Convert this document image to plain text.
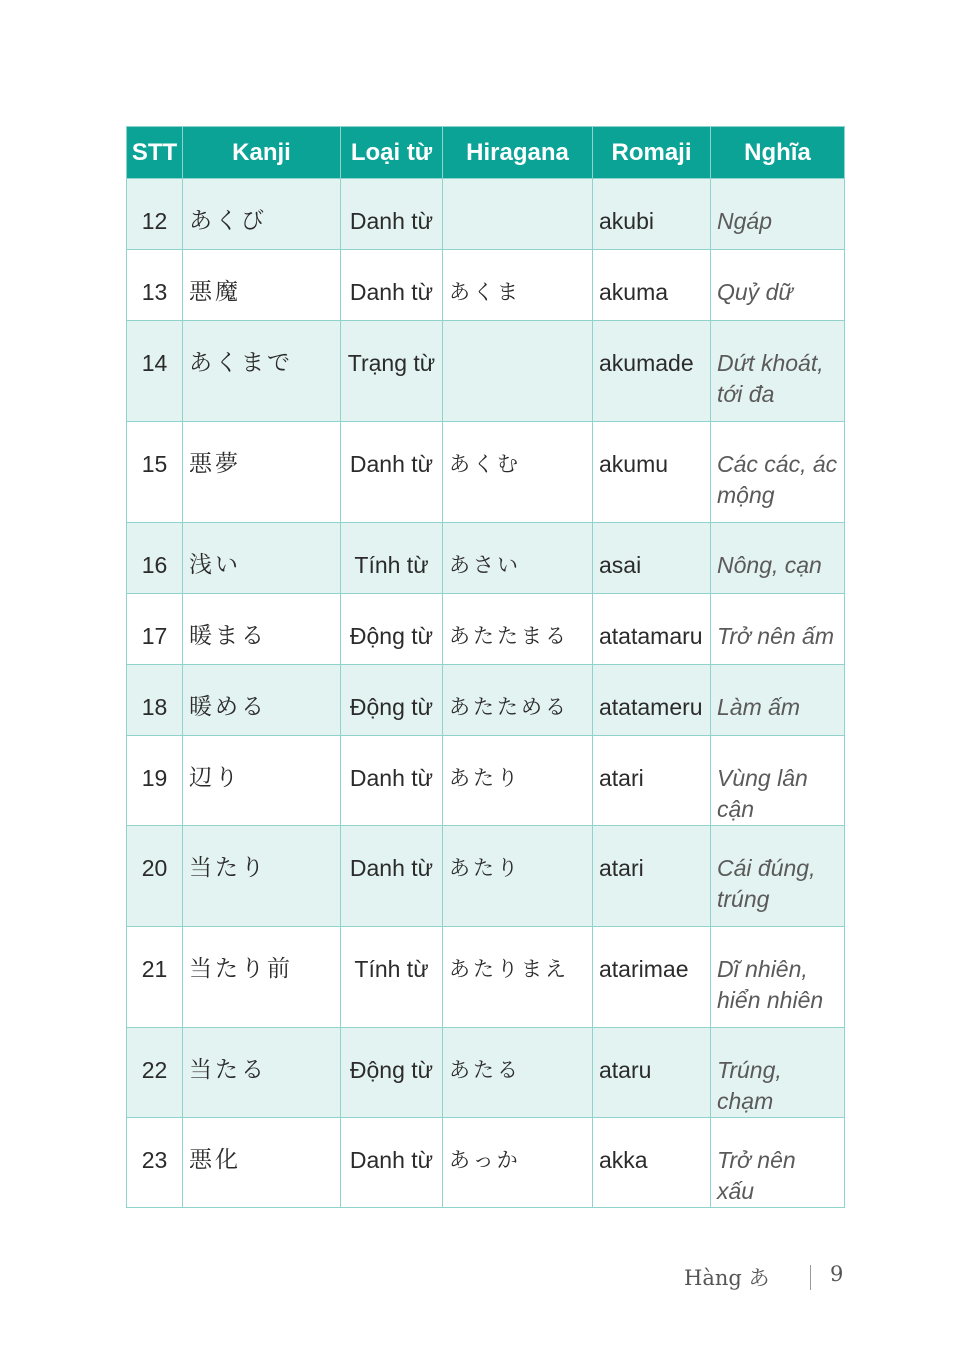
STT	Kanji	Loại từ	Hiragana	Romaji	Nghĩa
12	あくび	Danh từ		akubi	Ngáp
13	悪魔	Danh từ	あくま	akuma	Quỷ dữ
14	あくまで	Trạng từ		akumade	Dứt khoát, tới đa
15	悪夢	Danh từ	あくむ	akumu	Các các, ác mộng
16	浅い	Tính từ	あさい	asai	Nông, cạn
17	暖まる	Động từ	あたたまる	atatamaru	Trở nên ấm
18	暖める	Động từ	あたためる	atatameru	Làm ấm
19	辺り	Danh từ	あたり	atari	Vùng lân cận
20	当たり	Danh từ	あたり	atari	Cái đúng, trúng
21	当たり前	Tính từ	あたりまえ	atarimae	Dĩ nhiên, hiển nhiên
22	当たる	Động từ	あたる	ataru	Trúng, chạm
23	悪化	Danh từ	あっか	akka	Trở nên xấu
Hàng あ	9
